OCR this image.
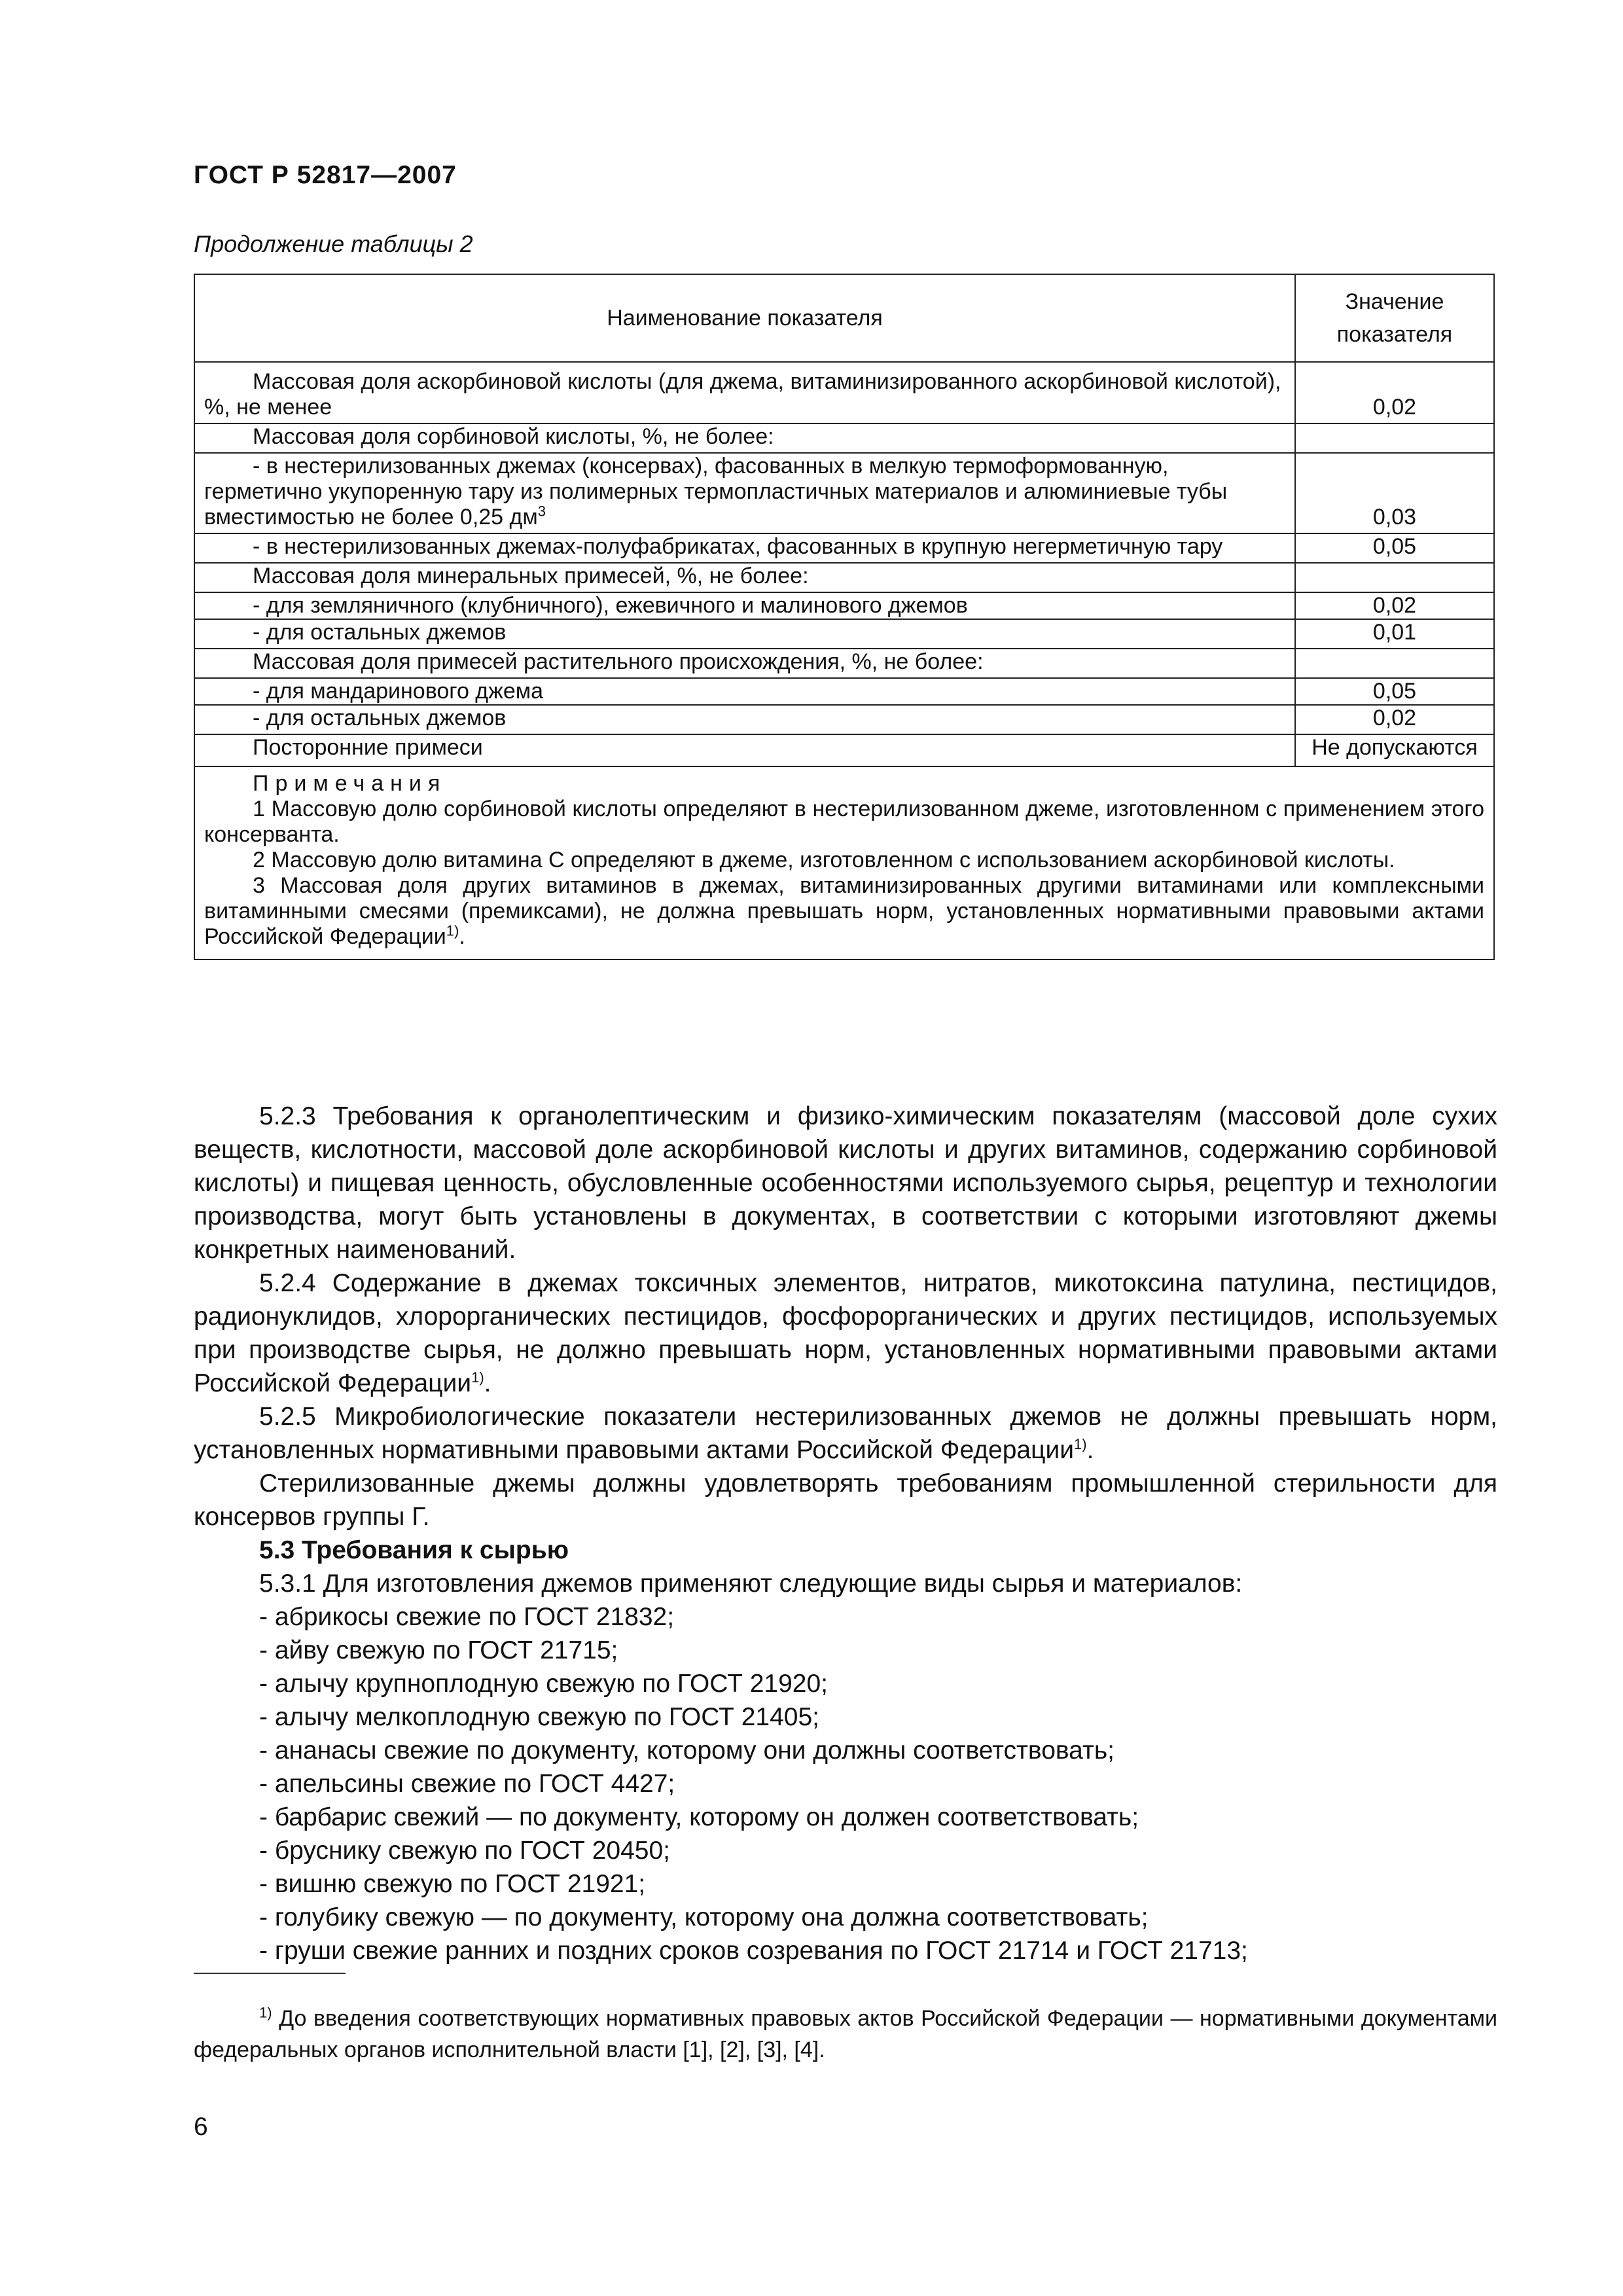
ГОСТ Р 52817—2007
Продолжение таблицы 2
Наименование показателя	Значение показателя

Массовая доля аскорбиновой кислоты (для джема, витаминизированного аскорбиновой кислотой), %, не менее	0,02

Массовая доля сорбиновой кислоты, %, не более:	

- в нестерилизованных джемах (консервах), фасованных в мелкую термоформованную, герметично укупоренную тару из полимерных термопластичных материалов и алюминиевые тубы вместимостью не более 0,25 $дм^3$	0,03

- в нестерилизованных джемах-полуфабрикатах, фасованных в крупную негерметичную тару	0,05

Массовая доля минеральных примесей, %, не более:	

- для земляничного (клубничного), ежевичного и малинового джемов	0,02

- для остальных джемов	0,01

Массовая доля примесей растительного происхождения, %, не более:	

- для мандаринового джема	0,05

- для остальных джемов	0,02

Посторонние примеси	Не допускаются

Примечания
1 Массовую долю сорбиновой кислоты определяют в нестерилизованном джеме, изготовленном с применением этого консерванта.
2 Массовую долю витамина С определяют в джеме, изготовленном с использованием аскорбиновой кислоты.
3 Массовая доля других витаминов в джемах, витаминизированных другими витаминами или комплексными витаминными смесями (премиксами), не должна превышать норм, установленных нормативными правовыми актами Российской Федерации$^{1)}$.	

5.2.3 Требования к органолептическим и физико-химическим показателям (массовой доле сухих веществ, кислотности, массовой доле аскорбиновой кислоты и других витаминов, содержанию сорбиновой кислоты) и пищевая ценность, обусловленные особенностями используемого сырья, рецептур и технологии производства, могут быть установлены в документах, в соответствии с которыми изготовляют джемы конкретных наименований.

5.2.4 Содержание в джемах токсичных элементов, нитратов, микотоксина патулина, пестицидов, радионуклидов, хлорорганических пестицидов, фосфорорганических и других пестицидов, используемых при производстве сырья, не должно превышать норм, установленных нормативными правовыми актами Российской Федерации$^{1)}$.

5.2.5 Микробиологические показатели нестерилизованных джемов не должны превышать норм, установленных нормативными правовыми актами Российской Федерации$^{1)}$.

Стерилизованные джемы должны удовлетворять требованиям промышленной стерильности для консервов группы Г.

5.3 Требования к сырью

5.3.1 Для изготовления джемов применяют следующие виды сырья и материалов:

- абрикосы свежие по ГОСТ 21832;
- айву свежую по ГОСТ 21715;
- алычу крупноплодную свежую по ГОСТ 21920;
- алычу мелкоплодную свежую по ГОСТ 21405;
- ананасы свежие по документу, которому они должны соответствовать;
- апельсины свежие по ГОСТ 4427;
- барбарис свежий — по документу, которому он должен соответствовать;
- бруснику свежую по ГОСТ 20450;
- вишню свежую по ГОСТ 21921;
- голубику свежую — по документу, которому она должна соответствовать;
- груши свежие ранних и поздних сроков созревания по ГОСТ 21714 и ГОСТ 21713;
$^{1)}$ До введения соответствующих нормативных правовых актов Российской Федерации — нормативными документами федеральных органов исполнительной власти [1], [2], [3], [4].
6
